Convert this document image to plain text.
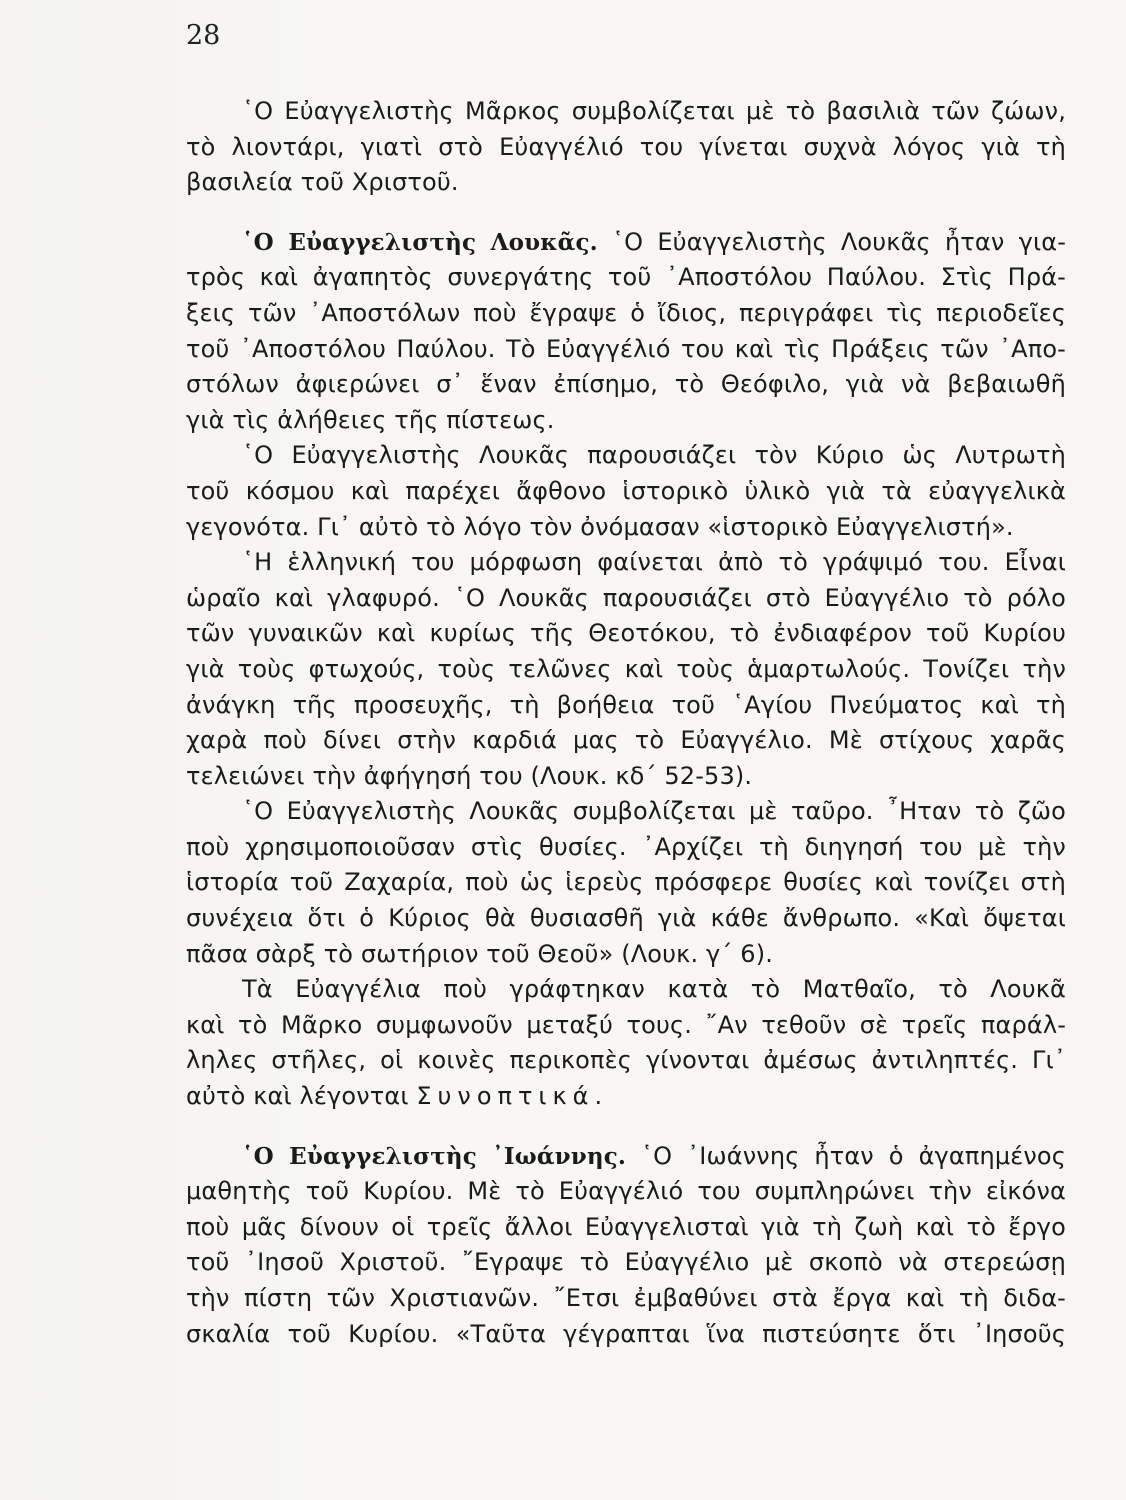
28
῾Ο Εὐαγγελιστὴς Μᾶρκος συμβολίζεται μὲ τὸ βασιλιὰ τῶν ζώων,
τὸ λιοντάρι, γιατὶ στὸ Εὐαγγέλιό του γίνεται συχνὰ λόγος γιὰ τὴ
βασιλεία τοῦ Χριστοῦ.
῾Ο Εὐαγγελιστὴς Λουκᾶς. ῾Ο Εὐαγγελιστὴς Λουκᾶς ἦταν για-
τρὸς καὶ ἀγαπητὸς συνεργάτης τοῦ ᾽Αποστόλου Παύλου. Στὶς Πρά-
ξεις τῶν ᾽Αποστόλων ποὺ ἔγραψε ὁ ἴδιος, περιγράφει τὶς περιοδεῖες
τοῦ ᾽Αποστόλου Παύλου. Τὸ Εὐαγγέλιό του καὶ τὶς Πράξεις τῶν ᾽Απο-
στόλων ἀφιερώνει σ᾽ ἕναν ἐπίσημο, τὸ Θεόφιλο, γιὰ νὰ βεβαιωθῆ
γιὰ τὶς ἀλήθειες τῆς πίστεως.
῾Ο Εὐαγγελιστὴς Λουκᾶς παρουσιάζει τὸν Κύριο ὡς Λυτρωτὴ
τοῦ κόσμου καὶ παρέχει ἄφθονο ἱστορικὸ ὑλικὸ γιὰ τὰ εὐαγγελικὰ
γεγονότα. Γι᾽ αὐτὸ τὸ λόγο τὸν ὀνόμασαν «ἱστορικὸ Εὐαγγελιστή».
῾Η ἑλληνική του μόρφωση φαίνεται ἀπὸ τὸ γράψιμό του. Εἶναι
ὡραῖο καὶ γλαφυρό. ῾Ο Λουκᾶς παρουσιάζει στὸ Εὐαγγέλιο τὸ ρόλο
τῶν γυναικῶν καὶ κυρίως τῆς Θεοτόκου, τὸ ἐνδιαφέρον τοῦ Κυρίου
γιὰ τοὺς φτωχούς, τοὺς τελῶνες καὶ τοὺς ἁμαρτωλούς. Τονίζει τὴν
ἀνάγκη τῆς προσευχῆς, τὴ βοήθεια τοῦ ῾Αγίου Πνεύματος καὶ τὴ
χαρὰ ποὺ δίνει στὴν καρδιά μας τὸ Εὐαγγέλιο. Μὲ στίχους χαρᾶς
τελειώνει τὴν ἀφήγησή του (Λουκ. κδ΄ 52-53).
῾Ο Εὐαγγελιστὴς Λουκᾶς συμβολίζεται μὲ ταῦρο. ῏Ηταν τὸ ζῶο
ποὺ χρησιμοποιοῦσαν στὶς θυσίες. ᾽Αρχίζει τὴ διηγησή του μὲ τὴν
ἱστορία τοῦ Ζαχαρία, ποὺ ὡς ἱερεὺς πρόσφερε θυσίες καὶ τονίζει στὴ
συνέχεια ὅτι ὁ Κύριος θὰ θυσιασθῆ γιὰ κάθε ἄνθρωπο. «Καὶ ὄψεται
πᾶσα σὰρξ τὸ σωτήριον τοῦ Θεοῦ» (Λουκ. γ΄ 6).
Τὰ Εὐαγγέλια ποὺ γράφτηκαν κατὰ τὸ Ματθαῖο, τὸ Λουκᾶ
καὶ τὸ Μᾶρκο συμφωνοῦν μεταξύ τους. ῎Αν τεθοῦν σὲ τρεῖς παράλ-
ληλες στῆλες, οἱ κοινὲς περικοπὲς γίνονται ἀμέσως ἀντιληπτές. Γι᾽
αὐτὸ καὶ λέγονται Συνοπτικά.
῾Ο Εὐαγγελιστὴς ᾽Ιωάννης. ῾Ο ᾽Ιωάννης ἦταν ὁ ἀγαπημένος
μαθητὴς τοῦ Κυρίου. Μὲ τὸ Εὐαγγέλιό του συμπληρώνει τὴν εἰκόνα
ποὺ μᾶς δίνουν οἱ τρεῖς ἄλλοι Εὐαγγελισταὶ γιὰ τὴ ζωὴ καὶ τὸ ἔργο
τοῦ ᾽Ιησοῦ Χριστοῦ. ῎Εγραψε τὸ Εὐαγγέλιο μὲ σκοπὸ νὰ στερεώσῃ
τὴν πίστη τῶν Χριστιανῶν. ῎Ετσι ἐμβαθύνει στὰ ἔργα καὶ τὴ διδα-
σκαλία τοῦ Κυρίου. «Ταῦτα γέγραπται ἵνα πιστεύσητε ὅτι ᾽Ιησοῦς
